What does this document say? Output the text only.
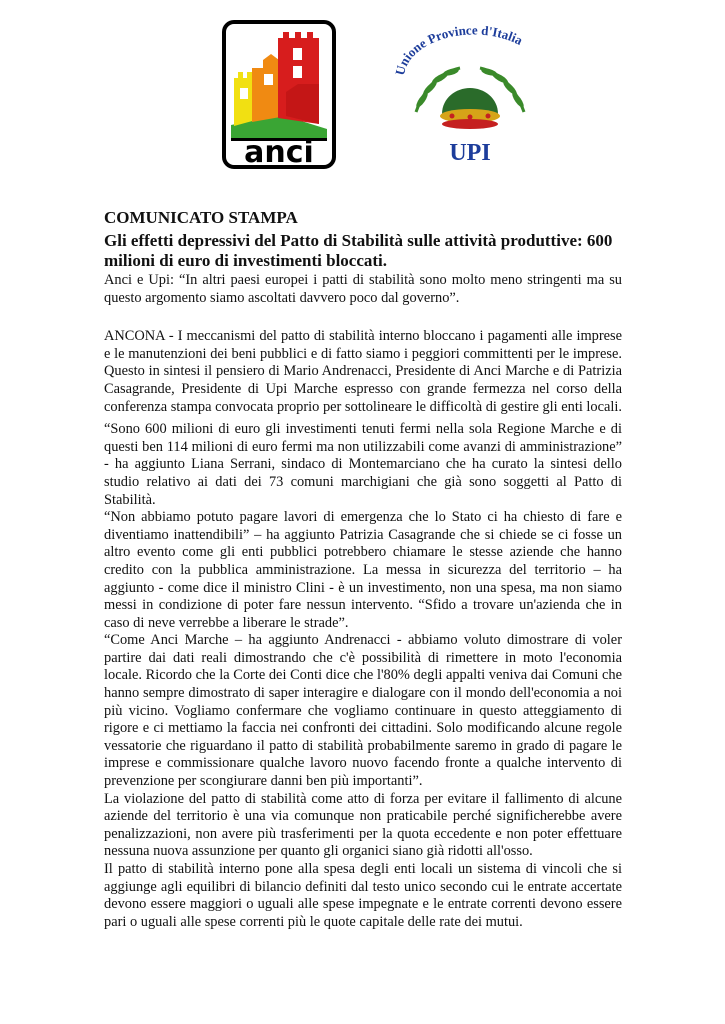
anci
Unione Province d'Italia
UPI
COMUNICATO STAMPA
Gli effetti depressivi del Patto di Stabilità sulle attività produttive: 600 milioni di euro di investimenti bloccati.

Anci e Upi: “In altri paesi europei i patti di stabilità sono molto meno stringenti ma su questo argomento siamo ascoltati davvero poco dal governo”.

ANCONA - I meccanismi del patto di stabilità interno bloccano i pagamenti alle imprese e le manutenzioni dei beni pubblici e di fatto siamo i peggiori committenti per le imprese. Questo in sintesi il pensiero di Mario Andrenacci, Presidente di Anci Marche e di Patrizia Casagrande, Presidente di Upi Marche espresso con grande fermezza nel corso della conferenza stampa convocata proprio per sottolineare le difficoltà di gestire gli enti locali.

“Sono 600 milioni di euro gli investimenti tenuti fermi nella sola Regione Marche e di questi ben 114 milioni di euro fermi ma non utilizzabili come avanzi di amministrazione” - ha aggiunto Liana Serrani, sindaco di Montemarciano che ha curato la sintesi dello studio relativo ai dati dei 73 comuni marchigiani che già sono soggetti al Patto di Stabilità.

“Non abbiamo potuto pagare lavori di emergenza che lo Stato ci ha chiesto di fare e diventiamo inattendibili” – ha aggiunto Patrizia Casagrande che si chiede se ci fosse un altro evento come gli enti pubblici potrebbero chiamare le stesse aziende che hanno credito con la pubblica amministrazione. La messa in sicurezza del territorio – ha aggiunto - come dice il ministro Clini - è un investimento, non una spesa, ma non siamo messi in condizione di poter fare nessun intervento. “Sfido a trovare un'azienda che in caso di neve verrebbe a liberare le strade”.

“Come Anci Marche – ha aggiunto Andrenacci - abbiamo voluto dimostrare di voler partire dai dati reali dimostrando che c'è possibilità di rimettere in moto l'economia locale. Ricordo che la Corte dei Conti dice che l'80% degli appalti veniva dai Comuni che hanno sempre dimostrato di saper interagire e dialogare con il mondo dell'economia a noi più vicino. Vogliamo confermare che vogliamo continuare in questo atteggiamento di rigore e ci mettiamo la faccia nei confronti dei cittadini. Solo modificando alcune regole vessatorie che riguardano il patto di stabilità probabilmente saremo in grado di pagare le imprese e commissionare qualche lavoro nuovo facendo fronte a qualche intervento di prevenzione per scongiurare danni ben più importanti”.

La violazione del patto di stabilità come atto di forza per evitare il fallimento di alcune aziende del territorio è una via comunque non praticabile perché significherebbe avere penalizzazioni, non avere più trasferimenti per la quota eccedente e non poter effettuare nessuna nuova assunzione per quanto gli organici siano già ridotti all'osso.

Il patto di stabilità interno pone alla spesa degli enti locali un sistema di vincoli che si aggiunge agli equilibri di bilancio definiti dal testo unico secondo cui le entrate accertate devono essere maggiori o uguali alle spese impegnate e le entrate correnti devono essere pari o uguali alle spese correnti più le quote capitale delle rate dei mutui.
